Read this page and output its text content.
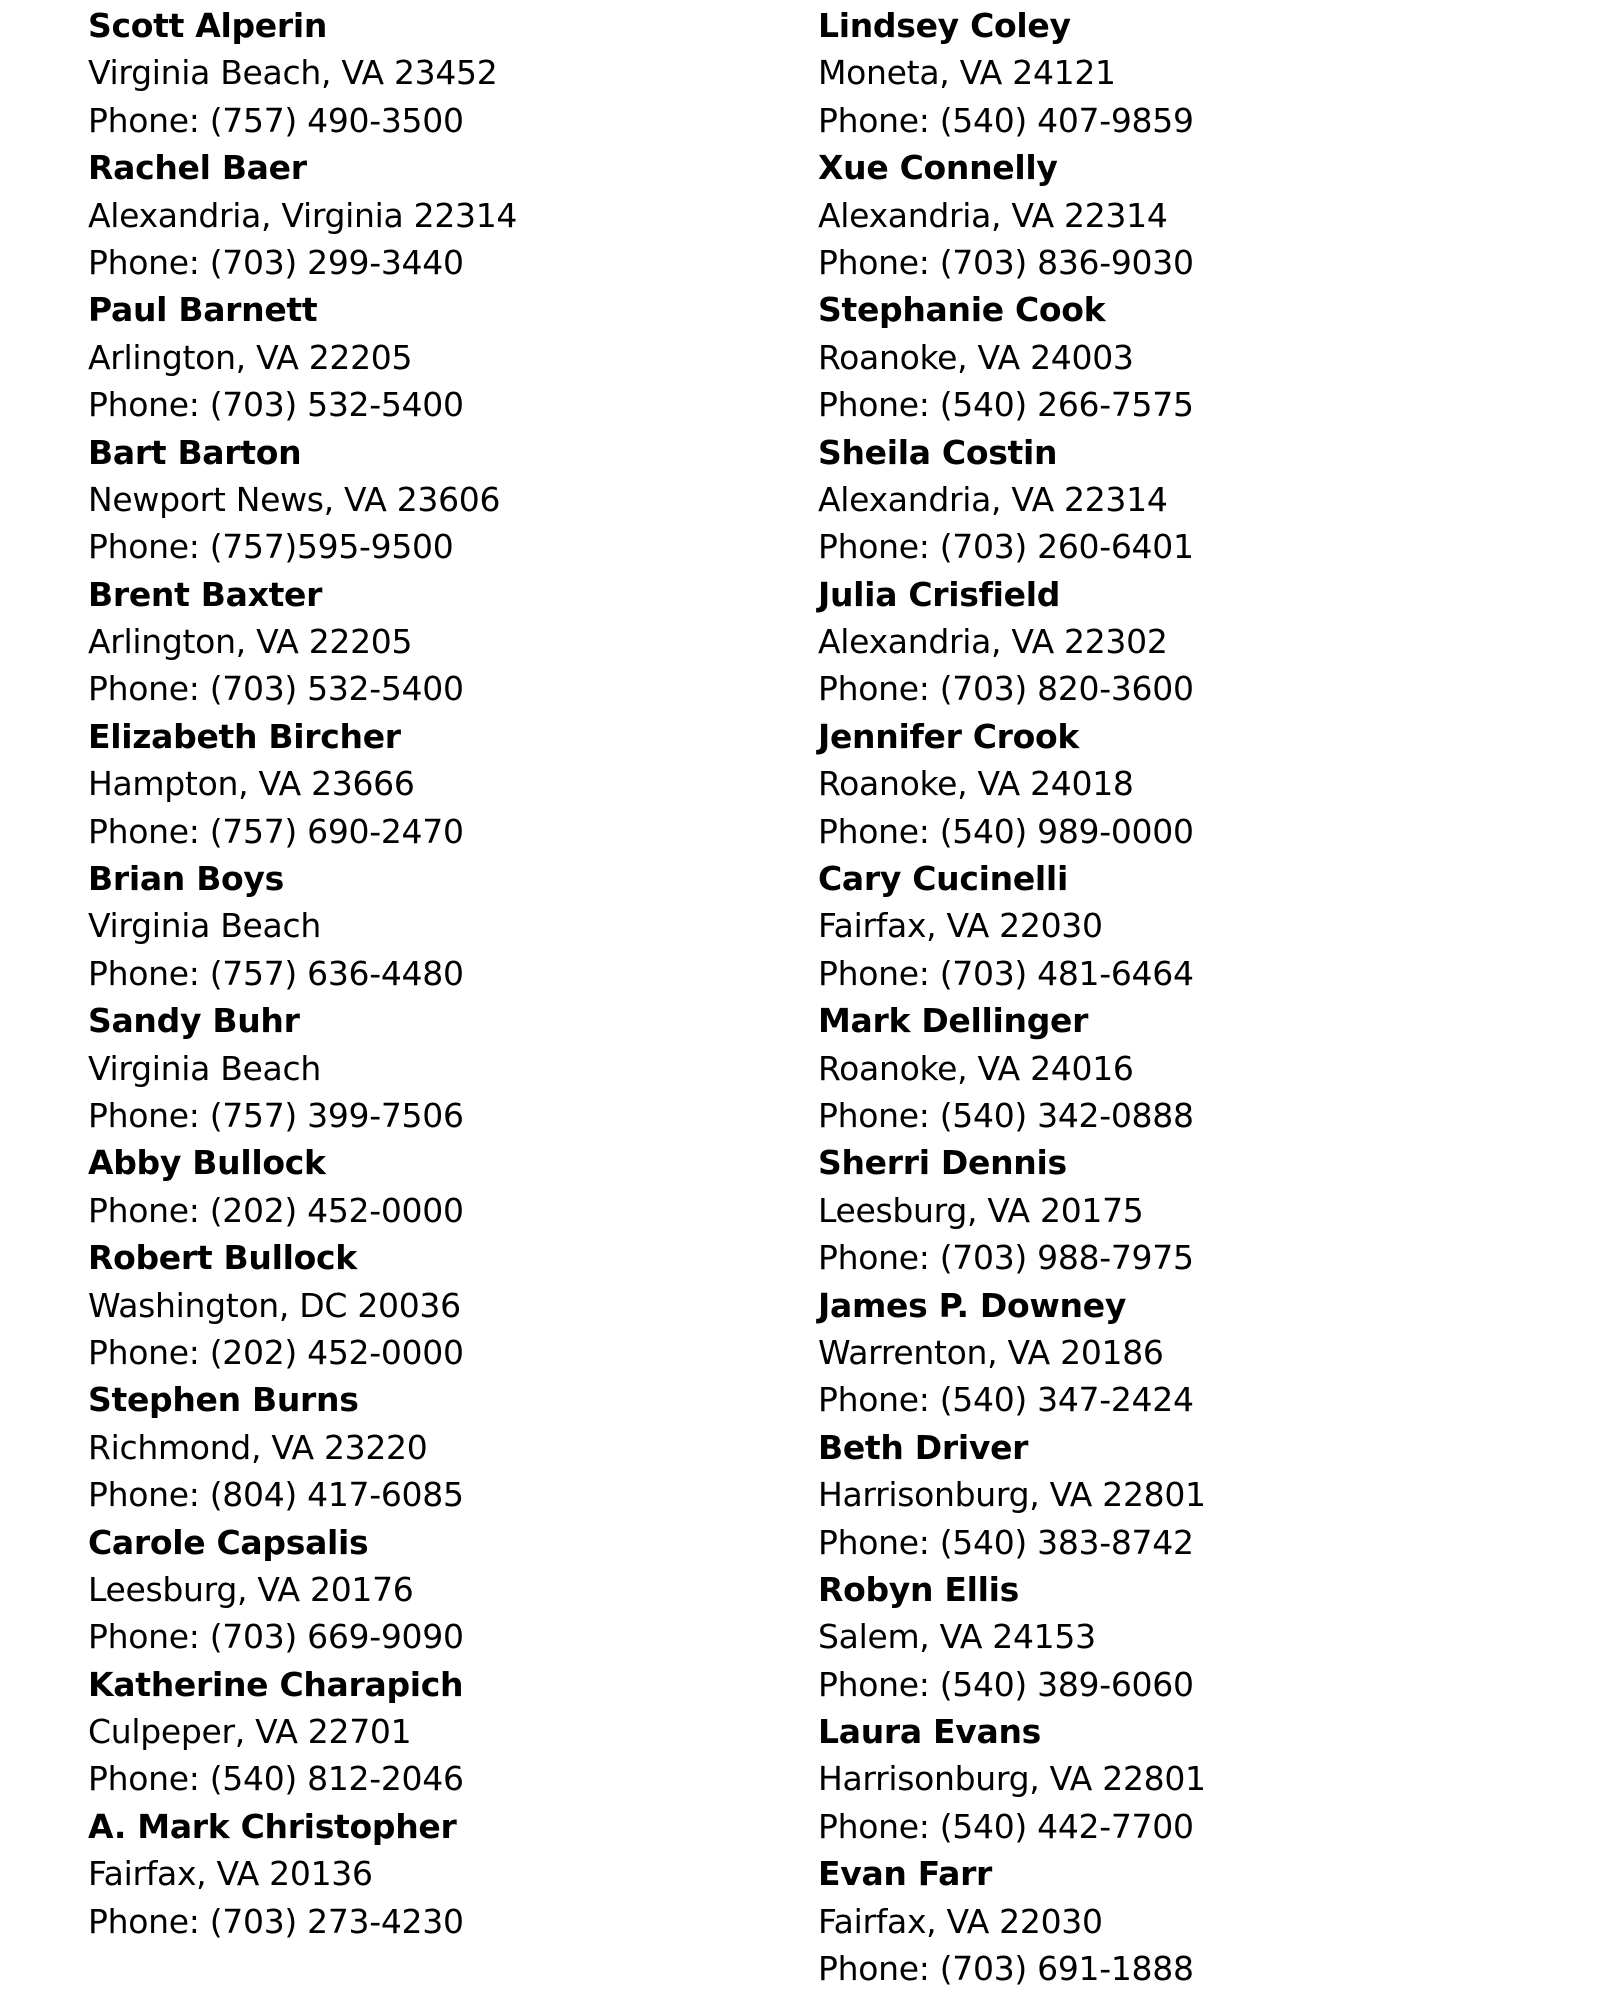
Scott Alperin
Virginia Beach, VA 23452
Phone: (757) 490-3500
Rachel Baer
Alexandria, Virginia 22314
Phone: (703) 299-3440
Paul Barnett
Arlington, VA 22205
Phone: (703) 532-5400
Bart Barton
Newport News, VA 23606
Phone: (757)595-9500
Brent Baxter
Arlington, VA 22205
Phone: (703) 532-5400
Elizabeth Bircher
Hampton, VA 23666
Phone: (757) 690-2470
Brian Boys
Virginia Beach
Phone: (757) 636-4480
Sandy Buhr
Virginia Beach
Phone: (757) 399-7506
Abby Bullock
Phone: (202) 452-0000
Robert Bullock
Washington, DC 20036
Phone: (202) 452-0000
Stephen Burns
Richmond, VA 23220
Phone: (804) 417-6085
Carole Capsalis
Leesburg, VA 20176
Phone: (703) 669-9090
Katherine Charapich
Culpeper, VA 22701
Phone: (540) 812-2046
A. Mark Christopher
Fairfax, VA 20136
Phone: (703) 273-4230
Lindsey Coley
Moneta, VA 24121
Phone: (540) 407-9859
Xue Connelly
Alexandria, VA 22314
Phone: (703) 836-9030
Stephanie Cook
Roanoke, VA 24003
Phone: (540) 266-7575
Sheila Costin
Alexandria, VA 22314
Phone: (703) 260-6401
Julia Crisfield
Alexandria, VA 22302
Phone: (703) 820-3600
Jennifer Crook
Roanoke, VA 24018
Phone: (540) 989-0000
Cary Cucinelli
Fairfax, VA 22030
Phone: (703) 481-6464
Mark Dellinger
Roanoke, VA 24016
Phone: (540) 342-0888
Sherri Dennis
Leesburg, VA 20175
Phone: (703) 988-7975
James P. Downey
Warrenton, VA 20186
Phone: (540) 347-2424
Beth Driver
Harrisonburg, VA 22801
Phone: (540) 383-8742
Robyn Ellis
Salem, VA 24153
Phone: (540) 389-6060
Laura Evans
Harrisonburg, VA 22801
Phone: (540) 442-7700
Evan Farr
Fairfax, VA 22030
Phone: (703) 691-1888
